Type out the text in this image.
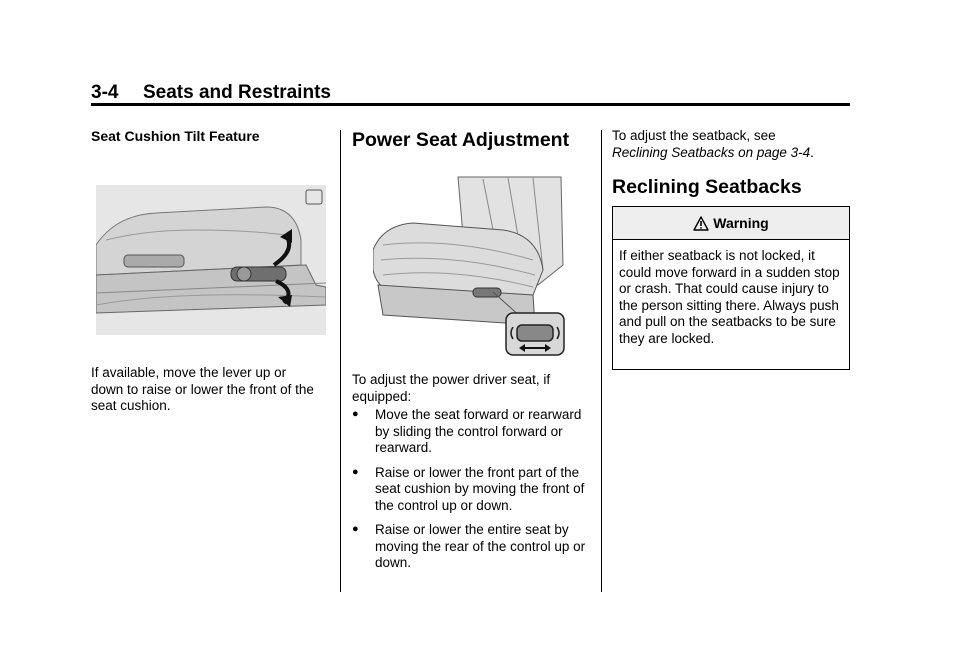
3-4 Seats and Restraints
Seat Cushion Tilt Feature
If available, move the lever up or down to raise or lower the front of the seat cushion.
Power Seat Adjustment
To adjust the power driver seat, if equipped:
● Move the seat forward or rearward by sliding the control forward or rearward.
● Raise or lower the front part of the seat cushion by moving the front of the control up or down.
● Raise or lower the entire seat by moving the rear of the control up or down.
To adjust the seatback, see
Reclining Seatbacks on page 3-4.
Reclining Seatbacks
Warning
If either seatback is not locked, it could move forward in a sudden stop or crash. That could cause injury to the person sitting there. Always push and pull on the seatbacks to be sure they are locked.
